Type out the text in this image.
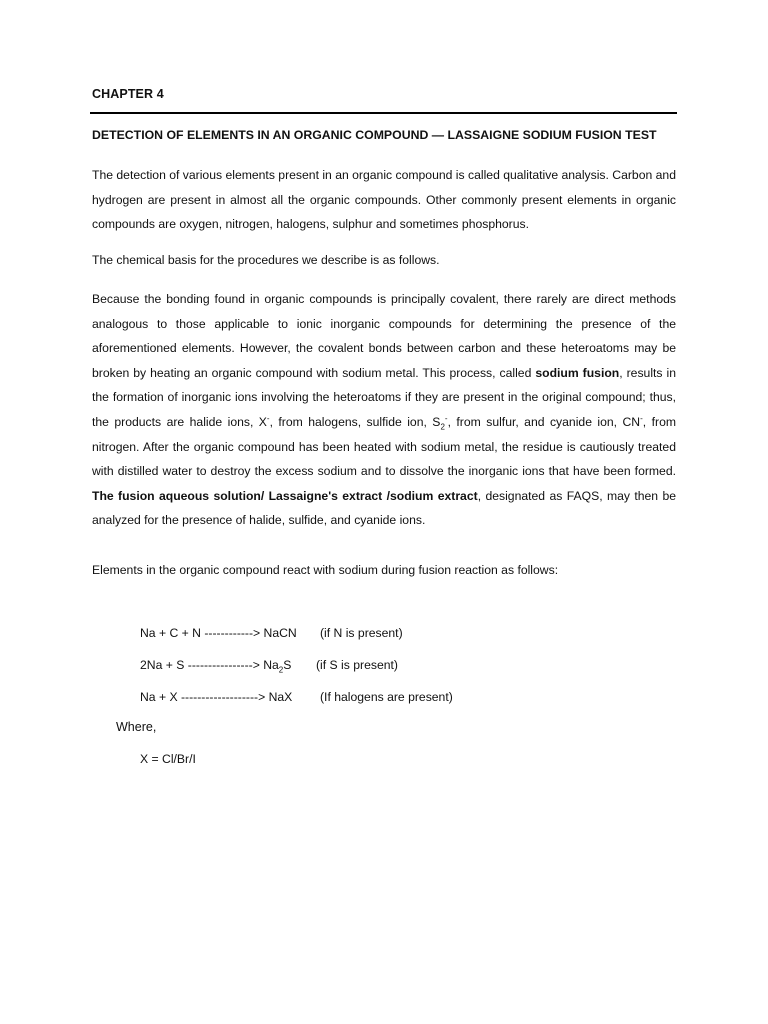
CHAPTER 4
DETECTION OF ELEMENTS IN AN ORGANIC COMPOUND — LASSAIGNE SODIUM FUSION TEST

The detection of various elements present in an organic compound is called qualitative analysis. Carbon and hydrogen are present in almost all the organic compounds. Other commonly present elements in organic compounds are oxygen, nitrogen, halogens, sulphur and sometimes phosphorus.

The chemical basis for the procedures we describe is as follows.

Because the bonding found in organic compounds is principally covalent, there rarely are direct methods analogous to those applicable to ionic inorganic compounds for determining the presence of the aforementioned elements. However, the covalent bonds between carbon and these heteroatoms may be broken by heating an organic compound with sodium metal. This process, called sodium fusion, results in the formation of inorganic ions involving the heteroatoms if they are present in the original compound; thus, the products are halide ions, X-, from halogens, sulfide ion, $S_2^-$, from sulfur, and cyanide ion, CN-, from nitrogen. After the organic compound has been heated with sodium metal, the residue is cautiously treated with distilled water to destroy the excess sodium and to dissolve the inorganic ions that have been formed. The fusion aqueous solution/ Lassaigne's extract /sodium extract, designated as FAQS, may then be analyzed for the presence of halide, sulfide, and cyanide ions.

Elements in the organic compound react with sodium during fusion reaction as follows:

Na + C + N ------------> NaCN (if N is present)
2Na + S ----------------> $Na_2S$ (if S is present)
Na + X -------------------> NaX (If halogens are present)
Where,
X = Cl/Br/I
